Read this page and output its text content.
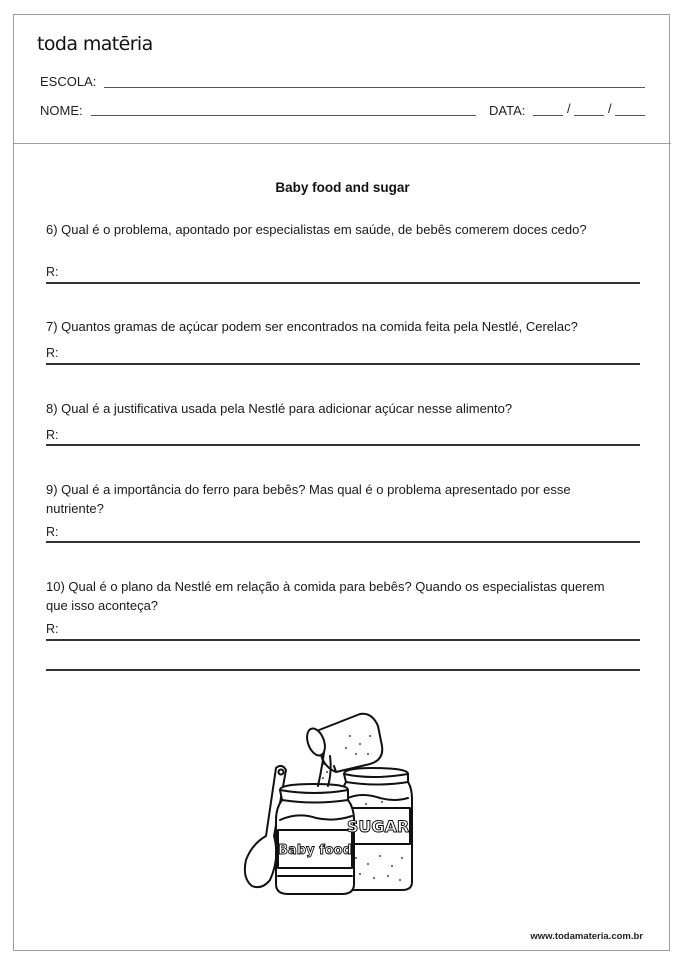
toda matēria
ESCOLA:
NOME:	DATA:	/	/
Baby food and sugar
6) Qual é o problema, apontado por especialistas em saúde, de bebês comerem doces cedo?
R:
7) Quantos gramas de açúcar podem ser encontrados na comida feita pela Nestlé, Cerelac?
R:
8) Qual é a justificativa usada pela Nestlé para adicionar açúcar nesse alimento?
R:
9) Qual é a importância do ferro para bebês? Mas qual é o problema apresentado por esse nutriente?
R:
10) Qual é o plano da Nestlé em relação à comida para bebês? Quando os especialistas querem que isso aconteça?
R:
Baby food
SUGAR
www.todamateria.com.br
